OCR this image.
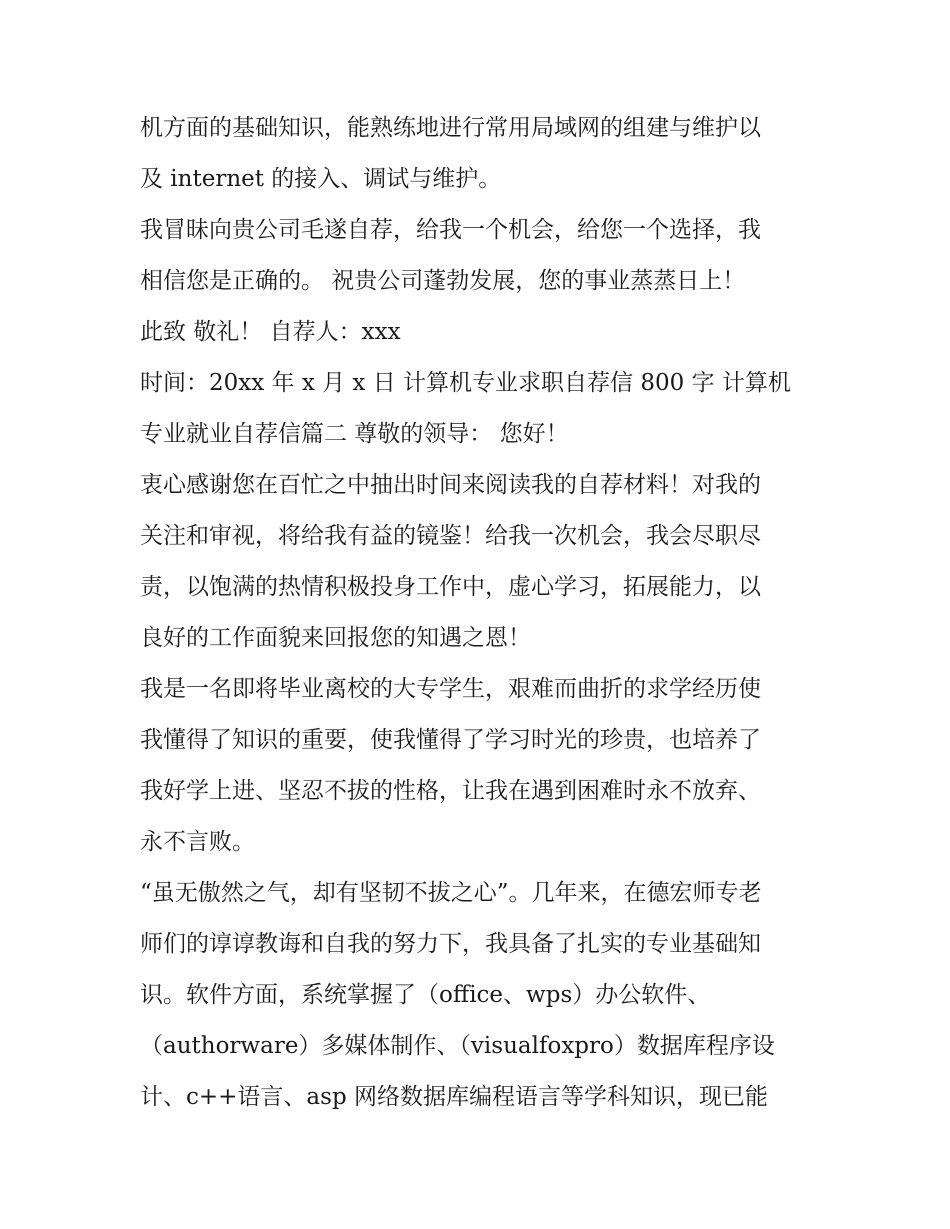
机方面的基础知识，能熟练地进行常用局域网的组建与维护以
及 internet 的接入、调试与维护。
我冒昧向贵公司毛遂自荐，给我一个机会，给您一个选择，我
相信您是正确的。 祝贵公司蓬勃发展，您的事业蒸蒸日上！
此致 敬礼！ 自荐人：xxx
时间：20xx 年 x 月 x 日 计算机专业求职自荐信 800 字 计算机
专业就业自荐信篇二 尊敬的领导： 您好！
衷心感谢您在百忙之中抽出时间来阅读我的自荐材料！对我的
关注和审视，将给我有益的镜鉴！给我一次机会，我会尽职尽
责，以饱满的热情积极投身工作中，虚心学习，拓展能力，以
良好的工作面貌来回报您的知遇之恩！
我是一名即将毕业离校的大专学生，艰难而曲折的求学经历使
我懂得了知识的重要，使我懂得了学习时光的珍贵，也培养了
我好学上进、坚忍不拔的性格，让我在遇到困难时永不放弃、
永不言败。
“虽无傲然之气，却有坚韧不拔之心”。几年来，在德宏师专老
师们的谆谆教诲和自我的努力下，我具备了扎实的专业基础知
识。软件方面，系统掌握了（office、wps）办公软件、
（authorware）多媒体制作、（visualfoxpro）数据库程序设
计、c++语言、asp 网络数据库编程语言等学科知识，现已能
